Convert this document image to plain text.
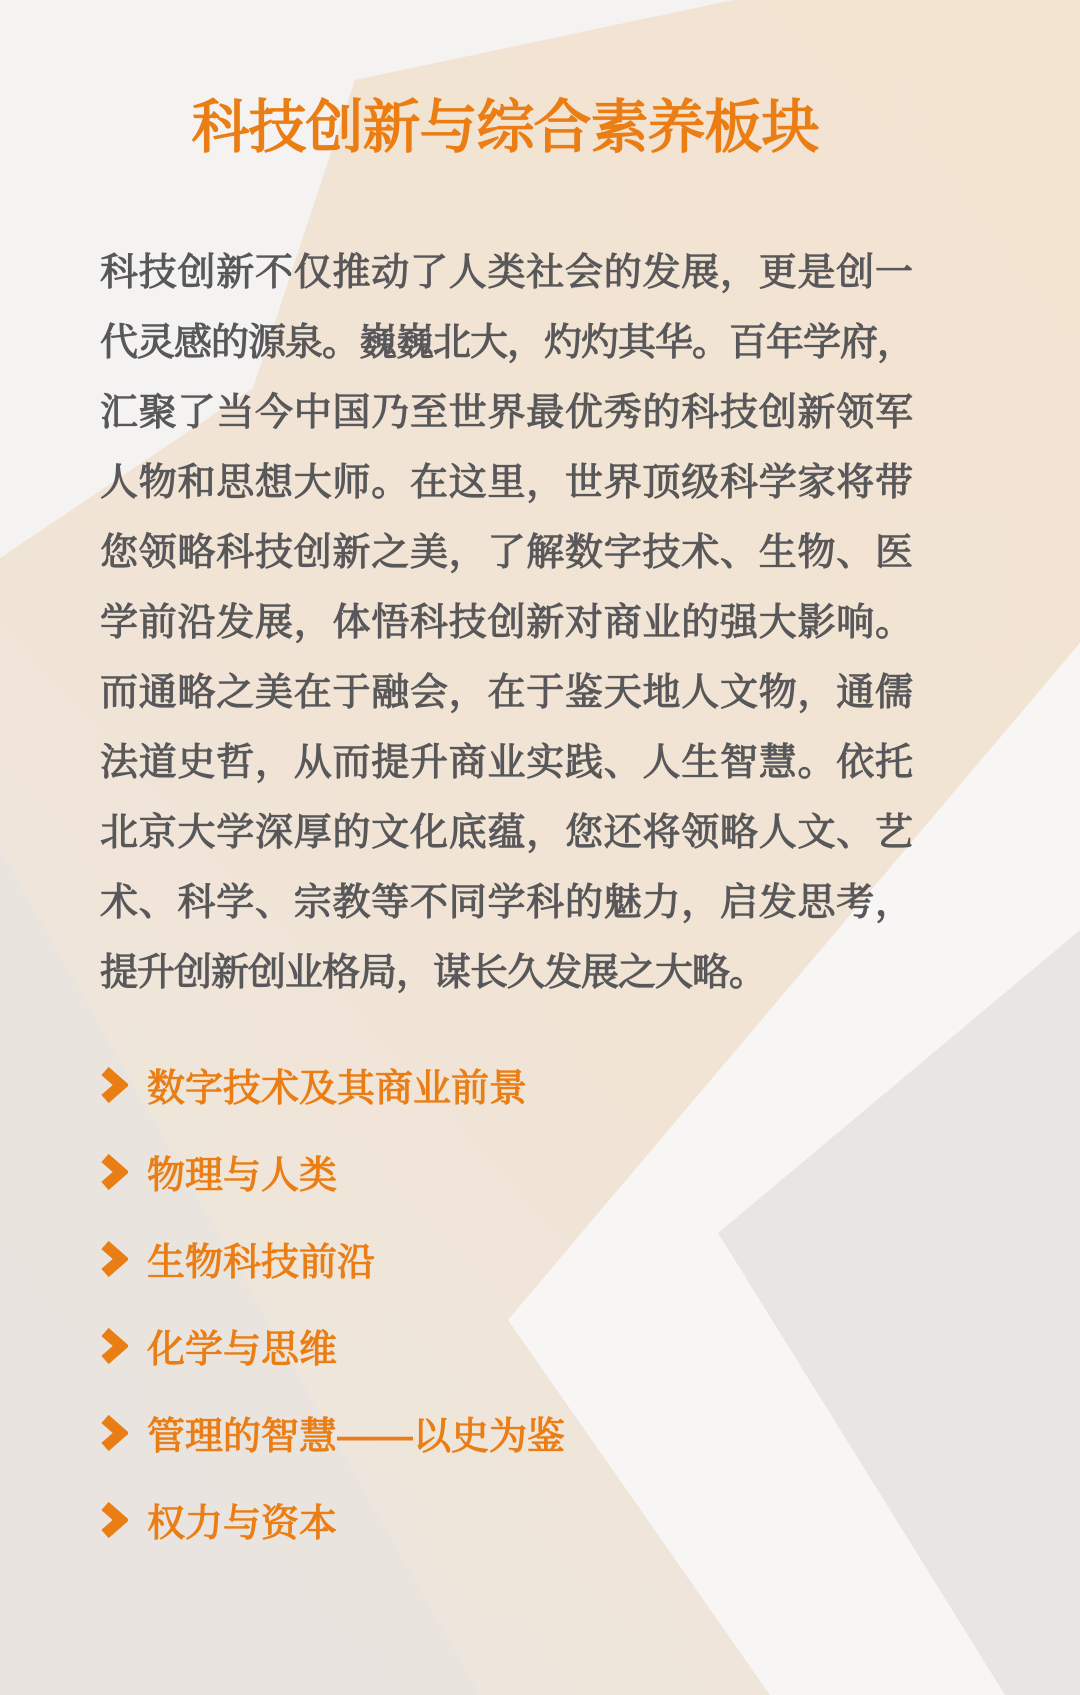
科技创新与综合素养板块
科技创新不仅推动了人类社会的发展，更是创一
代灵感的源泉。巍巍北大，灼灼其华。百年学府，
汇聚了当今中国乃至世界最优秀的科技创新领军
人物和思想大师。在这里，世界顶级科学家将带
您领略科技创新之美，了解数字技术、生物、医
学前沿发展，体悟科技创新对商业的强大影响。
而通略之美在于融会，在于鉴天地人文物，通儒
法道史哲，从而提升商业实践、人生智慧。依托
北京大学深厚的文化底蕴，您还将领略人文、艺
术、科学、宗教等不同学科的魅力，启发思考，
提升创新创业格局，谋长久发展之大略。
数字技术及其商业前景
物理与人类
生物科技前沿
化学与思维
管理的智慧——以史为鉴
权力与资本
